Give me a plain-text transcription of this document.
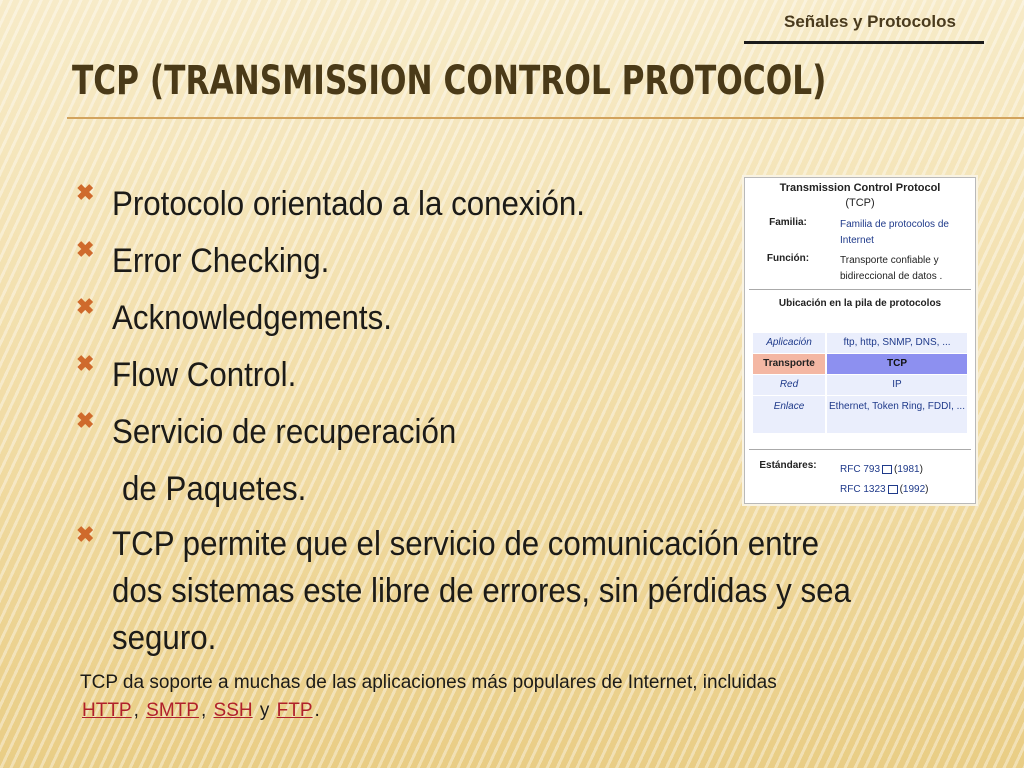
Señales y Protocolos
TCP (TRANSMISSION CONTROL PROTOCOL)
✖ Protocolo orientado a la conexión.
✖ Error Checking.
✖ Acknowledgements.
✖ Flow Control.
✖ Servicio de recuperación
de Paquetes.
✖ TCP permite que el servicio de comunicación entre dos sistemas este libre de errores, sin pérdidas y sea seguro.
TCP da soporte a muchas de las aplicaciones más populares de Internet, incluidas
HTTP , SMTP , SSH y FTP .
Transmission Control Protocol
(TCP)
Familia:	Familia de protocolos de Internet
Función:	Transporte confiable y bidireccional de datos .
Ubicación en la pila de protocolos
Aplicación	ftp, http, SNMP, DNS, ...
Transporte	TCP
Red	IP
Enlace	Ethernet, Token Ring, FDDI, ...
Estándares:	RFC 793 (1981)
RFC 1323 (1992)
